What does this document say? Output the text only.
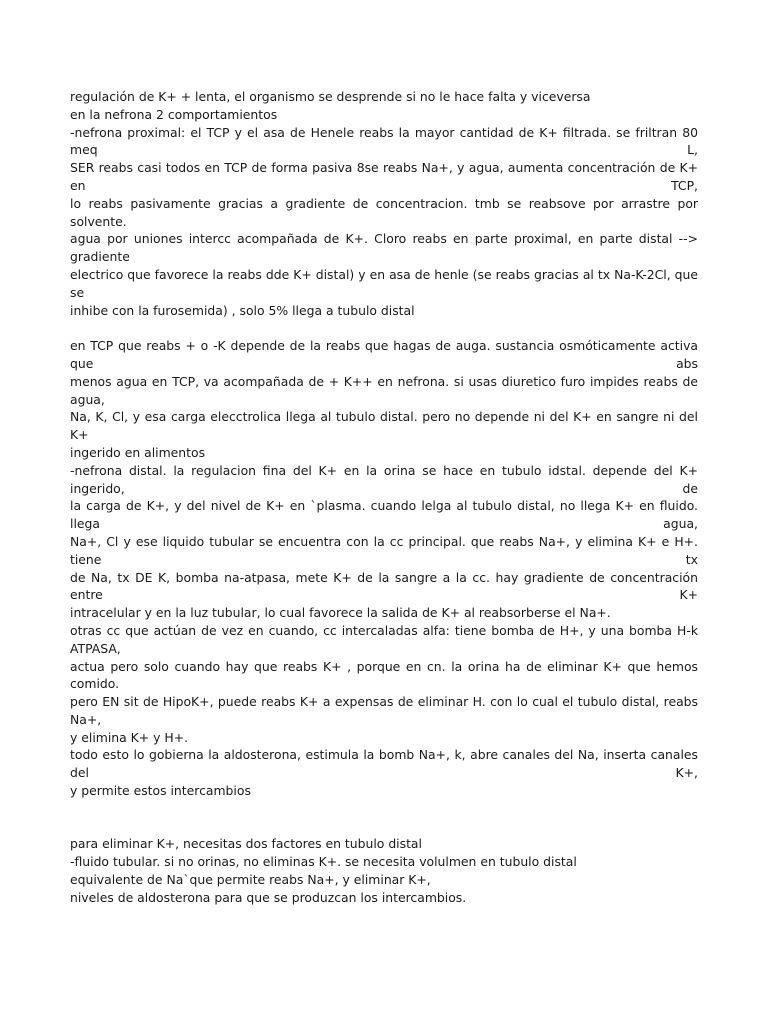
regulación de K+ + lenta, el organismo se desprende si no le hace falta y viceversa
en la nefrona 2 comportamientos
-nefrona proximal: el TCP y el asa de Henele reabs la mayor cantidad de K+ filtrada. se friltran 80 meq L,
SER reabs casi todos en TCP de forma pasiva 8se reabs Na+, y agua, aumenta concentración de K+ en TCP,
lo reabs pasivamente gracias a gradiente de concentracion. tmb se reabsove por arrastre por solvente.
agua por uniones intercc acompañada de K+. Cloro reabs en parte proximal, en parte distal --> gradiente
electrico que favorece la reabs dde K+ distal) y en asa de henle (se reabs gracias al tx Na-K-2Cl, que se
inhibe con la furosemida) , solo 5% llega a tubulo distal
en TCP que reabs + o -K depende de la reabs que hagas de auga. sustancia osmóticamente activa que abs
menos agua en TCP, va acompañada de + K++ en nefrona. si usas diuretico furo impides reabs de agua,
Na, K, Cl, y esa carga elecctrolica llega al tubulo distal. pero no depende ni del K+ en sangre ni del K+
ingerido en alimentos
-nefrona distal. la regulacion fina del K+ en la orina se hace en tubulo idstal. depende del K+ ingerido, de
la carga de K+, y del nivel de K+ en `plasma. cuando lelga al tubulo distal, no llega K+ en fluido. llega agua,
Na+, Cl y ese liquido tubular se encuentra con la cc principal. que reabs Na+, y elimina K+ e H+. tiene tx
de Na, tx DE K, bomba na-atpasa, mete K+ de la sangre a la cc. hay gradiente de concentración entre K+
intracelular y en la luz tubular, lo cual favorece la salida de K+ al reabsorberse el Na+.
otras cc que actúan de vez en cuando, cc intercaladas alfa: tiene bomba de H+, y una bomba H-k ATPASA,
actua pero solo cuando hay que reabs K+ , porque en cn. la orina ha de eliminar K+ que hemos comido.
pero EN sit de HipoK+, puede reabs K+ a expensas de eliminar H. con lo cual el tubulo distal, reabs Na+,
y elimina K+ y H+.
todo esto lo gobierna la aldosterona, estimula la bomb Na+, k, abre canales del Na, inserta canales del K+,
y permite estos intercambios
para eliminar K+, necesitas dos factores en tubulo distal
-fluido tubular. si no orinas, no eliminas K+. se necesita volulmen en tubulo distal
equivalente de Na`que permite reabs Na+, y eliminar K+,
niveles de aldosterona para que se produzcan los intercambios.
